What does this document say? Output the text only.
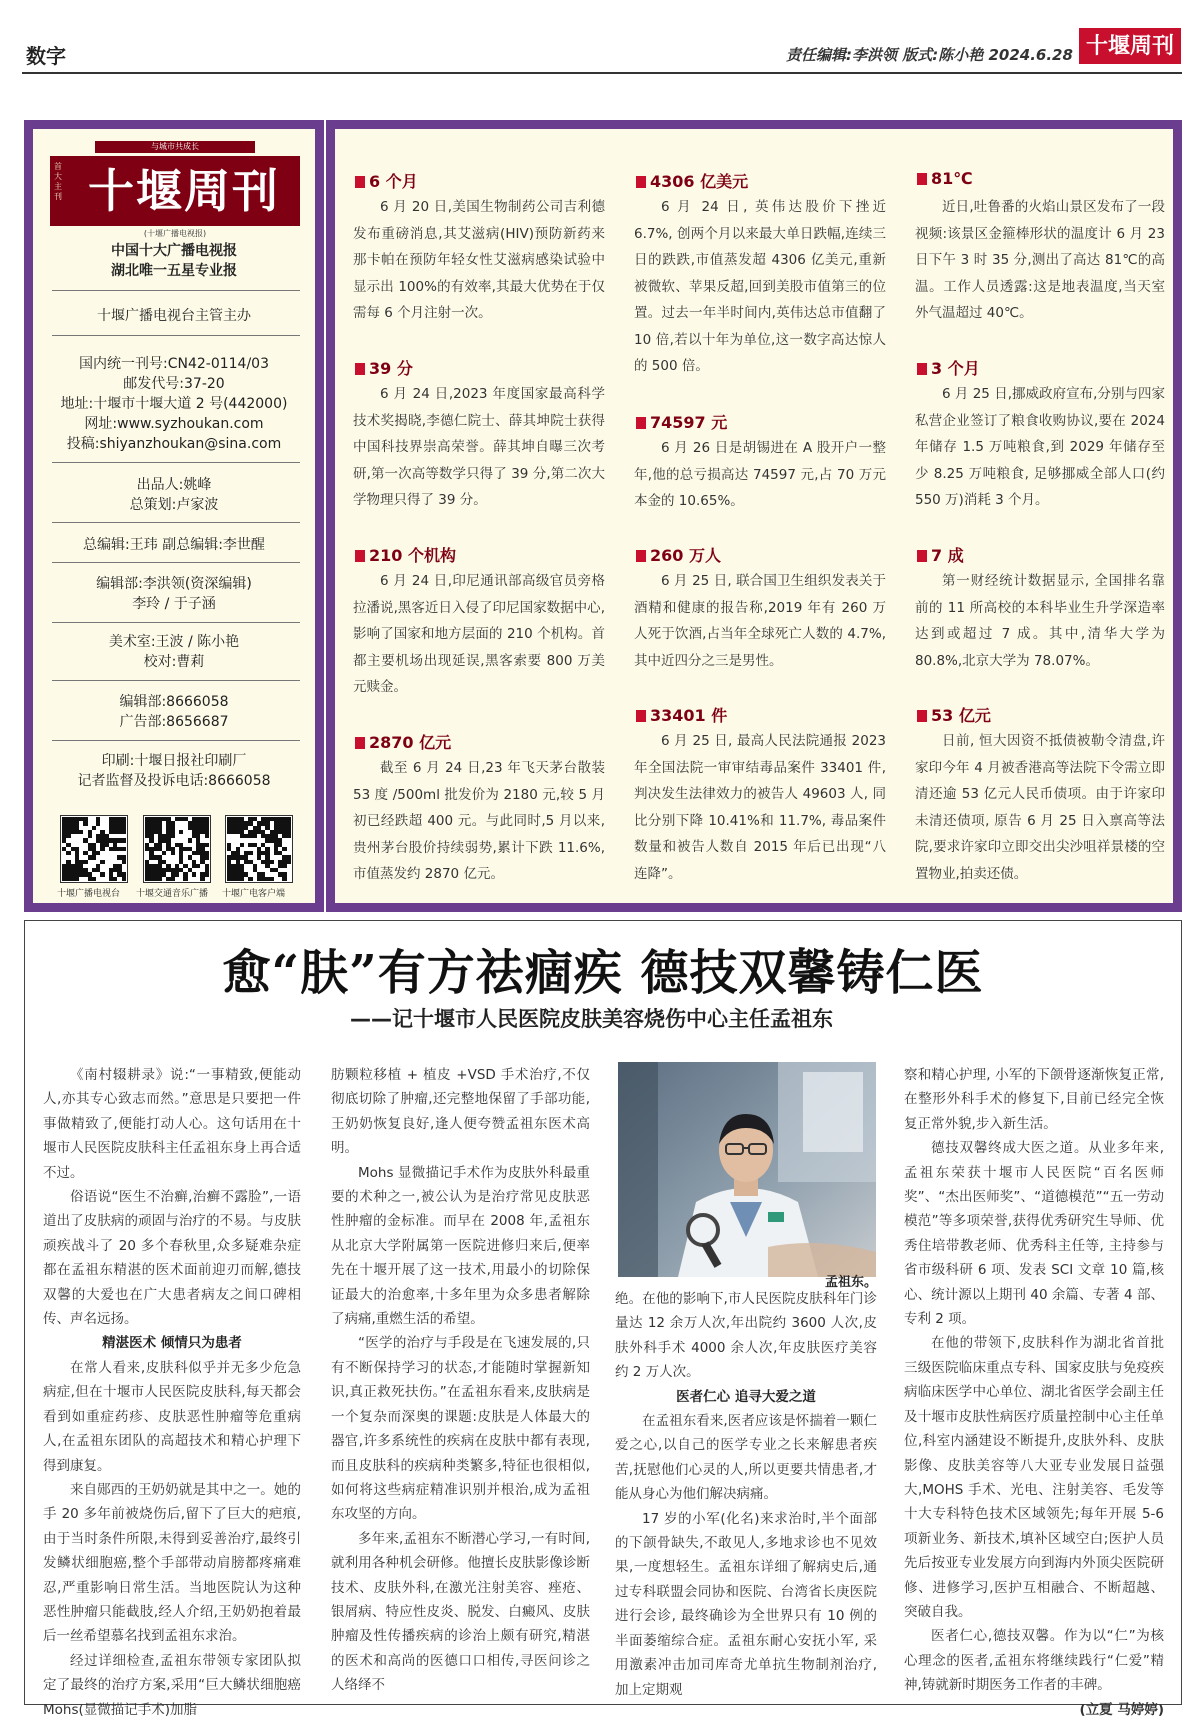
数字	责任编辑:李洪领 版式:陈小艳 2024.6.28 十堰周刊
与城市共成长
首大主刊 十堰周刊
(十堰广播电视报)
中国十大广播电视报
湖北唯一五星专业报
十堰广播电视台主管主办
国内统一刊号:CN42-0114/03
邮发代号:37-20
地址:十堰市十堰大道 2 号(442000)
网址:www.syzhoukan.com
投稿:shiyanzhoukan@sina.com
出品人:姚峰
总策划:卢家波
总编辑:王玮 副总编辑:李世醒
编辑部:李洪领(资深编辑)
李玲 / 于子涵
美术室:王波 / 陈小艳
校对:曹莉
编辑部:8666058
广告部:8656687
印刷:十堰日报社印刷厂
记者监督及投诉电话:8666058
十堰广播电视台 十堰交通音乐广播 十堰广电客户端
6 个月
6 月 20 日,美国生物制药公司吉利德发布重磅消息,其艾滋病(HIV)预防新药来那卡帕在预防年轻女性艾滋病感染试验中显示出 100%的有效率,其最大优势在于仅需每 6 个月注射一次。
39 分
6 月 24 日,2023 年度国家最高科学技术奖揭晓,李德仁院士、薛其坤院士获得中国科技界崇高荣誉。薛其坤自曝三次考研,第一次高等数学只得了 39 分,第二次大学物理只得了 39 分。
210 个机构
6 月 24 日,印尼通讯部高级官员旁格拉潘说,黑客近日入侵了印尼国家数据中心,影响了国家和地方层面的 210 个机构。首都主要机场出现延误,黑客索要 800 万美元赎金。
2870 亿元
截至 6 月 24 日,23 年飞天茅台散装 53 度 /500ml 批发价为 2180 元,较 5 月初已经跌超 400 元。与此同时,5 月以来,贵州茅台股价持续弱势,累计下跌 11.6%,市值蒸发约 2870 亿元。
4306 亿美元
6 月 24 日, 英伟达股价下挫近 6.7%, 创两个月以来最大单日跌幅,连续三日的跌跌,市值蒸发超 4306 亿美元,重新被微软、苹果反超,回到美股市值第三的位置。过去一年半时间内,英伟达总市值翻了 10 倍,若以十年为单位,这一数字高达惊人的 500 倍。
74597 元
6 月 26 日是胡锡进在 A 股开户一整年,他的总亏损高达 74597 元,占 70 万元本金的 10.65%。
260 万人
6 月 25 日, 联合国卫生组织发表关于酒精和健康的报告称,2019 年有 260 万人死于饮酒,占当年全球死亡人数的 4.7%,其中近四分之三是男性。
33401 件
6 月 25 日, 最高人民法院通报 2023 年全国法院一审审结毒品案件 33401 件,判决发生法律效力的被告人 49603 人, 同比分别下降 10.41%和 11.7%, 毒品案件数量和被告人数自 2015 年后已出现“八连降”。
81℃
近日,吐鲁番的火焰山景区发布了一段视频:该景区金箍棒形状的温度计 6 月 23 日下午 3 时 35 分,测出了高达 81℃的高温。工作人员透露:这是地表温度,当天室外气温超过 40℃。
3 个月
6 月 25 日,挪威政府宣布,分别与四家私营企业签订了粮食收购协议,要在 2024 年储存 1.5 万吨粮食,到 2029 年储存至少 8.25 万吨粮食, 足够挪威全部人口(约 550 万)消耗 3 个月。
7 成
第一财经统计数据显示, 全国排名靠前的 11 所高校的本科毕业生升学深造率达到或超过 7 成。其中,清华大学为 80.8%,北京大学为 78.07%。
53 亿元
日前, 恒大因资不抵债被勒令清盘,许家印今年 4 月被香港高等法院下令需立即清还逾 53 亿元人民币债项。由于许家印未清还债项, 原告 6 月 25 日入禀高等法院,要求许家印立即交出尖沙咀祥景楼的空置物业,拍卖还债。
愈“肤”有方祛痼疾 德技双馨铸仁医
——记十堰市人民医院皮肤美容烧伤中心主任孟祖东

《南村辍耕录》说:“一事精致,便能动人,亦其专心致志而然。”意思是只要把一件事做精致了,便能打动人心。这句话用在十堰市人民医院皮肤科主任孟祖东身上再合适不过。

俗语说“医生不治癣,治癣不露脸”,一语道出了皮肤病的顽固与治疗的不易。与皮肤顽疾战斗了 20 多个春秋里,众多疑难杂症都在孟祖东精湛的医术面前迎刃而解,德技双馨的大爱也在广大患者病友之间口碑相传、声名远扬。

精湛医术 倾情只为患者

在常人看来,皮肤科似乎并无多少危急病症,但在十堰市人民医院皮肤科,每天都会看到如重症药疹、皮肤恶性肿瘤等危重病人,在孟祖东团队的高超技术和精心护理下得到康复。

来自郧西的王奶奶就是其中之一。她的手 20 多年前被烧伤后,留下了巨大的疤痕,由于当时条件所限,未得到妥善治疗,最终引发鳞状细胞癌,整个手部带动肩膀都疼痛难忍,严重影响日常生活。当地医院认为这种恶性肿瘤只能截肢,经人介绍,王奶奶抱着最后一丝希望慕名找到孟祖东求治。

经过详细检查,孟祖东带领专家团队拟定了最终的治疗方案,采用“巨大鳞状细胞癌 Mohs(显微描记手术)加脂

肪颗粒移植 + 植皮 +VSD 手术治疗,不仅彻底切除了肿瘤,还完整地保留了手部功能,王奶奶恢复良好,逢人便夸赞孟祖东医术高明。

Mohs 显微描记手术作为皮肤外科最重要的术种之一,被公认为是治疗常见皮肤恶性肿瘤的金标准。而早在 2008 年,孟祖东从北京大学附属第一医院进修归来后,便率先在十堰开展了这一技术,用最小的切除保证最大的治愈率,十多年里为众多患者解除了病痛,重燃生活的希望。

“医学的治疗与手段是在飞速发展的,只有不断保持学习的状态,才能随时掌握新知识,真正救死扶伤。”在孟祖东看来,皮肤病是一个复杂而深奥的课题:皮肤是人体最大的器官,许多系统性的疾病在皮肤中都有表现,而且皮肤科的疾病种类繁多,特征也很相似,如何将这些病症精准识别并根治,成为孟祖东攻坚的方向。

多年来,孟祖东不断潜心学习,一有时间,就利用各种机会研修。他擅长皮肤影像诊断技术、皮肤外科,在激光注射美容、痤疮、银屑病、特应性皮炎、脱发、白癜风、皮肤肿瘤及性传播疾病的诊治上颇有研究,精湛的医术和高尚的医德口口相传,寻医问诊之人络绎不

孟祖东。

绝。在他的影响下,市人民医院皮肤科年门诊量达 12 余万人次,年出院约 3600 人次,皮肤外科手术 4000 余人次,年皮肤医疗美容约 2 万人次。

医者仁心 追寻大爱之道

在孟祖东看来,医者应该是怀揣着一颗仁爱之心,以自己的医学专业之长来解患者疾苦,抚慰他们心灵的人,所以更要共情患者,才能从身心为他们解决病痛。

17 岁的小军(化名)来求治时,半个面部的下颌骨缺失,不敢见人,多地求诊也不见效果,一度想轻生。孟祖东详细了解病史后,通过专科联盟会同协和医院、台湾省长庚医院进行会诊, 最终确诊为全世界只有 10 例的半面萎缩综合症。孟祖东耐心安抚小军, 采用激素冲击加司库奇尤单抗生物制剂治疗, 加上定期观

察和精心护理, 小军的下颌骨逐渐恢复正常,在整形外科手术的修复下,目前已经完全恢复正常外貌,步入新生活。

德技双馨终成大医之道。从业多年来,孟祖东荣获十堰市人民医院“百名医师奖”、“杰出医师奖”、“道德模范”“五一劳动模范”等多项荣誉,获得优秀研究生导师、优秀住培带教老师、优秀科主任等, 主持参与省市级科研 6 项、发表 SCI 文章 10 篇,核心、统计源以上期刊 40 余篇、专著 4 部、专利 2 项。

在他的带领下,皮肤科作为湖北省首批三级医院临床重点专科、国家皮肤与免疫疾病临床医学中心单位、湖北省医学会副主任及十堰市皮肤性病医疗质量控制中心主任单位,科室内涵建设不断提升,皮肤外科、皮肤影像、皮肤美容等八大亚专业发展日益强大,MOHS 手术、光电、注射美容、毛发等十大专科特色技术区域领先;每年开展 5-6 项新业务、新技术,填补区域空白;医护人员先后按亚专业发展方向到海内外顶尖医院研修、进修学习,医护互相融合、不断超越、突破自我。

医者仁心,德技双馨。作为以“仁”为核心理念的医者,孟祖东将继续践行“仁爱”精神,铸就新时期医务工作者的丰碑。
(立夏 马婷婷)
